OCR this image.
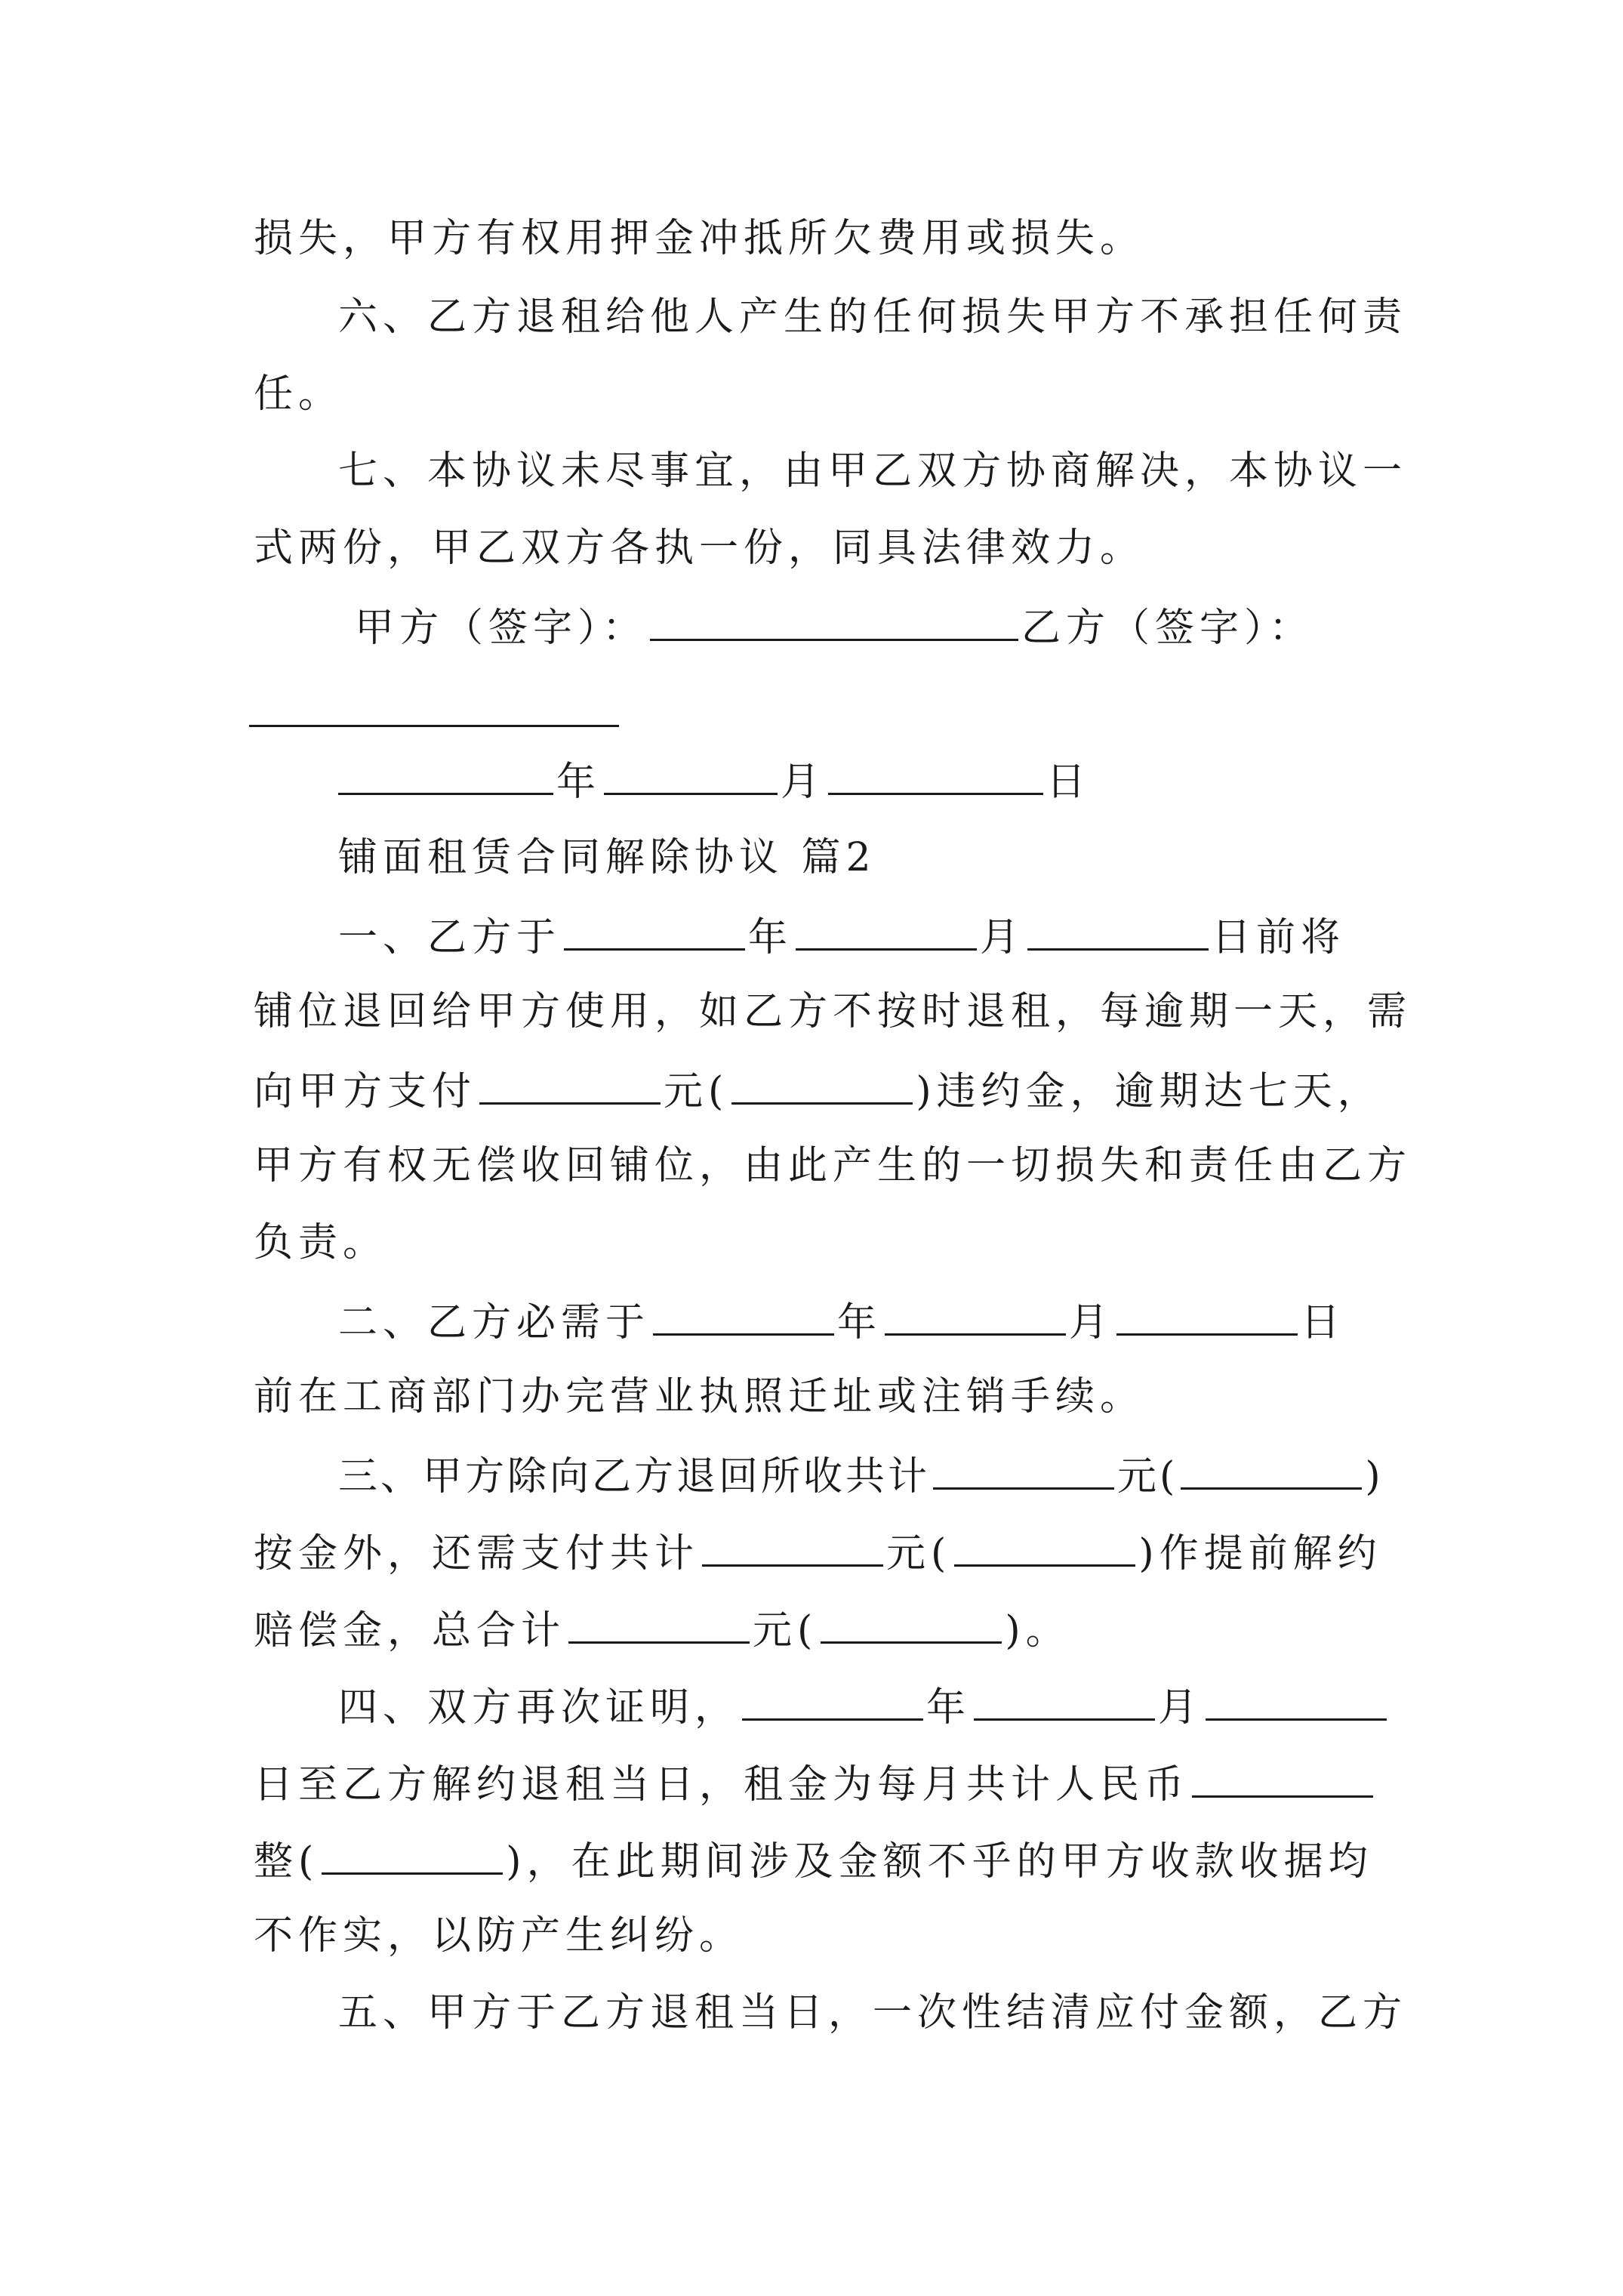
损失，甲方有权用押金冲抵所欠费用或损失。
六、乙方退租给他人产生的任何损失甲方不承担任何责
任。
七、本协议未尽事宜，由甲乙双方协商解决，本协议一
式两份，甲乙双方各执一份，同具法律效力。
甲方（签字）：	乙方（签字）：
年	月	日
铺面租赁合同解除协议 篇2
一、乙方于	年	月	日前将
铺位退回给甲方使用，如乙方不按时退租，每逾期一天，需
向甲方支付	元(	)违约金，逾期达七天，
甲方有权无偿收回铺位，由此产生的一切损失和责任由乙方
负责。
二、乙方必需于	年	月	日
前在工商部门办完营业执照迁址或注销手续。
三、甲方除向乙方退回所收共计	元(	)
按金外，还需支付共计	元(	)作提前解约
赔偿金，总合计	元(	)。
四、双方再次证明，	年	月
日至乙方解约退租当日，租金为每月共计人民币
整(	)，在此期间涉及金额不乎的甲方收款收据均
不作实，以防产生纠纷。
五、甲方于乙方退租当日，一次性结清应付金额，乙方
